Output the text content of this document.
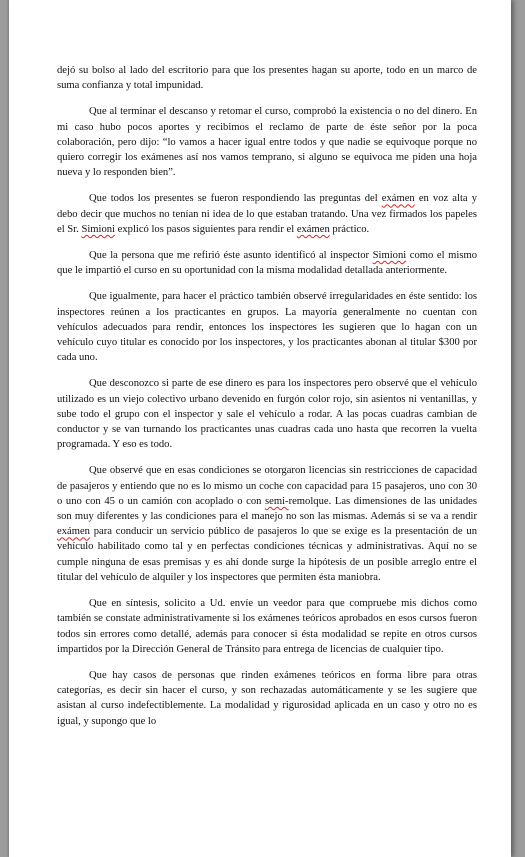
dejó su bolso al lado del escritorio para que los presentes hagan su aporte, todo en un marco de suma confianza y total impunidad.

Que al terminar el descanso y retomar el curso, comprobó la existencia o no del dinero. En mi caso hubo pocos aportes y recibimos el reclamo de parte de éste señor por la poca colaboración, pero dijo: “lo vamos a hacer igual entre todos y que nadie se equivoque porque no quiero corregir los exámenes así nos vamos temprano, si alguno se equivoca me piden una hoja nueva y lo responden bien”.

Que todos los presentes se fueron respondiendo las preguntas del exámen en voz alta y debo decir que muchos no tenían ni idea de lo que estaban tratando. Una vez firmados los papeles el Sr. Simioni explicó los pasos siguientes para rendir el exámen práctico.

Que la persona que me refirió éste asunto identificó al inspector Simioni como el mismo que le impartió el curso en su oportunidad con la misma modalidad detallada anteriormente.

Que igualmente, para hacer el práctico también observé irregularidades en éste sentido: los inspectores reúnen a los practicantes en grupos. La mayoría generalmente no cuentan con vehículos adecuados para rendir, entonces los inspectores les sugieren que lo hagan con un vehículo cuyo titular es conocido por los inspectores, y los practicantes abonan al titular $300 por cada uno.

Que desconozco si parte de ese dinero es para los inspectores pero observé que el vehículo utilizado es un viejo colectivo urbano devenido en furgón color rojo, sin asientos ni ventanillas, y sube todo el grupo con el inspector y sale el vehículo a rodar. A las pocas cuadras cambian de conductor y se van turnando los practicantes unas cuadras cada uno hasta que recorren la vuelta programada. Y eso es todo.

Que observé que en esas condiciones se otorgaron licencias sin restricciones de capacidad de pasajeros y entiendo que no es lo mismo un coche con capacidad para 15 pasajeros, uno con 30 o uno con 45 o un camión con acoplado o con semi-remolque. Las dimensiones de las unidades son muy diferentes y las condiciones para el manejo no son las mismas. Además si se va a rendir exámen para conducir un servicio público de pasajeros lo que se exige es la presentación de un vehículo habilitado como tal y en perfectas condiciones técnicas y administrativas. Aquí no se cumple ninguna de esas premisas y es ahí donde surge la hipótesis de un posible arreglo entre el titular del vehículo de alquiler y los inspectores que permiten ésta maniobra.

Que en síntesis, solicito a Ud. envíe un veedor para que compruebe mis dichos como también se constate administrativamente si los exámenes teóricos aprobados en esos cursos fueron todos sin errores como detallé, además para conocer si ésta modalidad se repite en otros cursos impartidos por la Dirección General de Tránsito para entrega de licencias de cualquier tipo.

Que hay casos de personas que rinden exámenes teóricos en forma libre para otras categorías, es decir sin hacer el curso, y son rechazadas automáticamente y se les sugiere que asistan al curso indefectiblemente. La modalidad y rigurosidad aplicada en un caso y otro no es igual, y supongo que lo
